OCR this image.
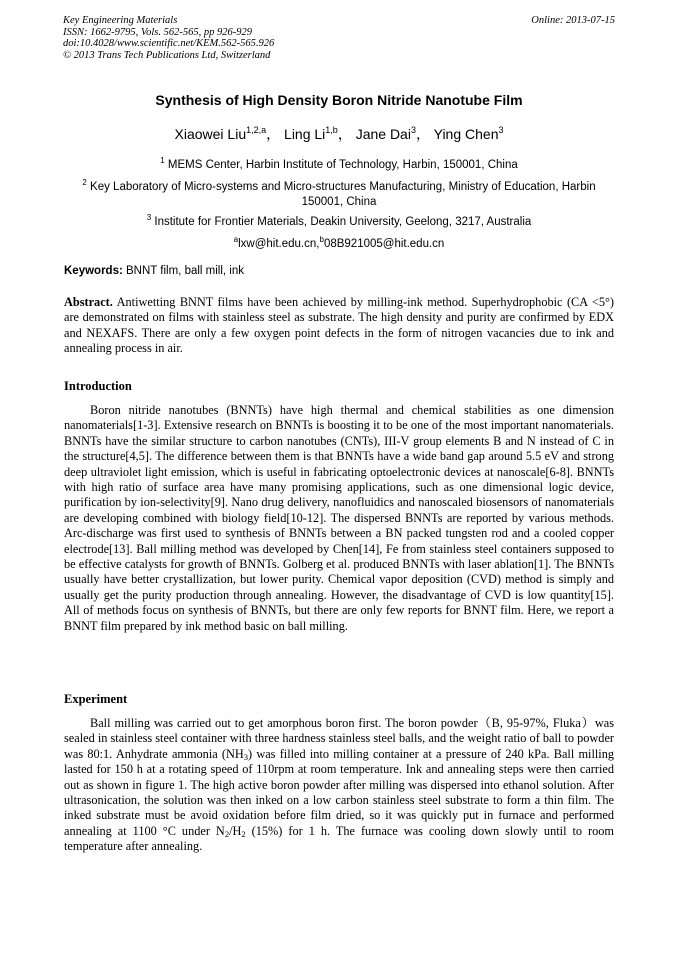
Key Engineering Materials
ISSN: 1662-9795, Vols. 562-565, pp 926-929
doi:10.4028/www.scientific.net/KEM.562-565.926
© 2013 Trans Tech Publications Ltd, Switzerland
Online: 2013-07-15
Synthesis of High Density Boron Nitride Nanotube Film
Xiaowei Liu$^{1,2,a}$， Ling Li$^{1,b}$， Jane Dai$^3$， Ying Chen$^3$
$^1$ MEMS Center, Harbin Institute of Technology, Harbin, 150001, China
$^2$ Key Laboratory of Micro-systems and Micro-structures Manufacturing, Ministry of Education, Harbin 150001, China
$^3$ Institute for Frontier Materials, Deakin University, Geelong, 3217, Australia
$^a$lxw@hit.edu.cn,$^b$08B921005@hit.edu.cn
Keywords: BNNT film, ball mill, ink
Abstract. Antiwetting BNNT films have been achieved by milling-ink method. Superhydrophobic (CA <5°) are demonstrated on films with stainless steel as substrate. The high density and purity are confirmed by EDX and NEXAFS. There are only a few oxygen point defects in the form of nitrogen vacancies due to ink and annealing process in air.
Introduction
Boron nitride nanotubes (BNNTs) have high thermal and chemical stabilities as one dimension nanomaterials[1-3]. Extensive research on BNNTs is boosting it to be one of the most important nanomaterials. BNNTs have the similar structure to carbon nanotubes (CNTs), III-V group elements B and N instead of C in the structure[4,5]. The difference between them is that BNNTs have a wide band gap around 5.5 eV and strong deep ultraviolet light emission, which is useful in fabricating optoelectronic devices at nanoscale[6-8]. BNNTs with high ratio of surface area have many promising applications, such as one dimensional logic device, purification by ion-selectivity[9]. Nano drug delivery, nanofluidics and nanoscaled biosensors of nanomaterials are developing combined with biology field[10-12]. The dispersed BNNTs are reported by various methods. Arc-discharge was first used to synthesis of BNNTs between a BN packed tungsten rod and a cooled copper electrode[13]. Ball milling method was developed by Chen[14], Fe from stainless steel containers supposed to be effective catalysts for growth of BNNTs. Golberg et al. produced BNNTs with laser ablation[1]. The BNNTs usually have better crystallization, but lower purity. Chemical vapor deposition (CVD) method is simply and usually get the purity production through annealing. However, the disadvantage of CVD is low quantity[15]. All of methods focus on synthesis of BNNTs, but there are only few reports for BNNT film. Here, we report a BNNT film prepared by ink method basic on ball milling.
Experiment
Ball milling was carried out to get amorphous boron first. The boron powder（B, 95-97%, Fluka）was sealed in stainless steel container with three hardness stainless steel balls, and the weight ratio of ball to powder was 80:1. Anhydrate ammonia $(NH_3)$ was filled into milling container at a pressure of 240 kPa. Ball milling lasted for 150 h at a rotating speed of 110rpm at room temperature. Ink and annealing steps were then carried out as shown in figure 1. The high active boron powder after milling was dispersed into ethanol solution. After ultrasonication, the solution was then inked on a low carbon stainless steel substrate to form a thin film. The inked substrate must be avoid oxidation before film dried, so it was quickly put in furnace and performed annealing at 1100 °C under $N_2/H_2$ (15%) for 1 h. The furnace was cooling down slowly until to room temperature after annealing.
